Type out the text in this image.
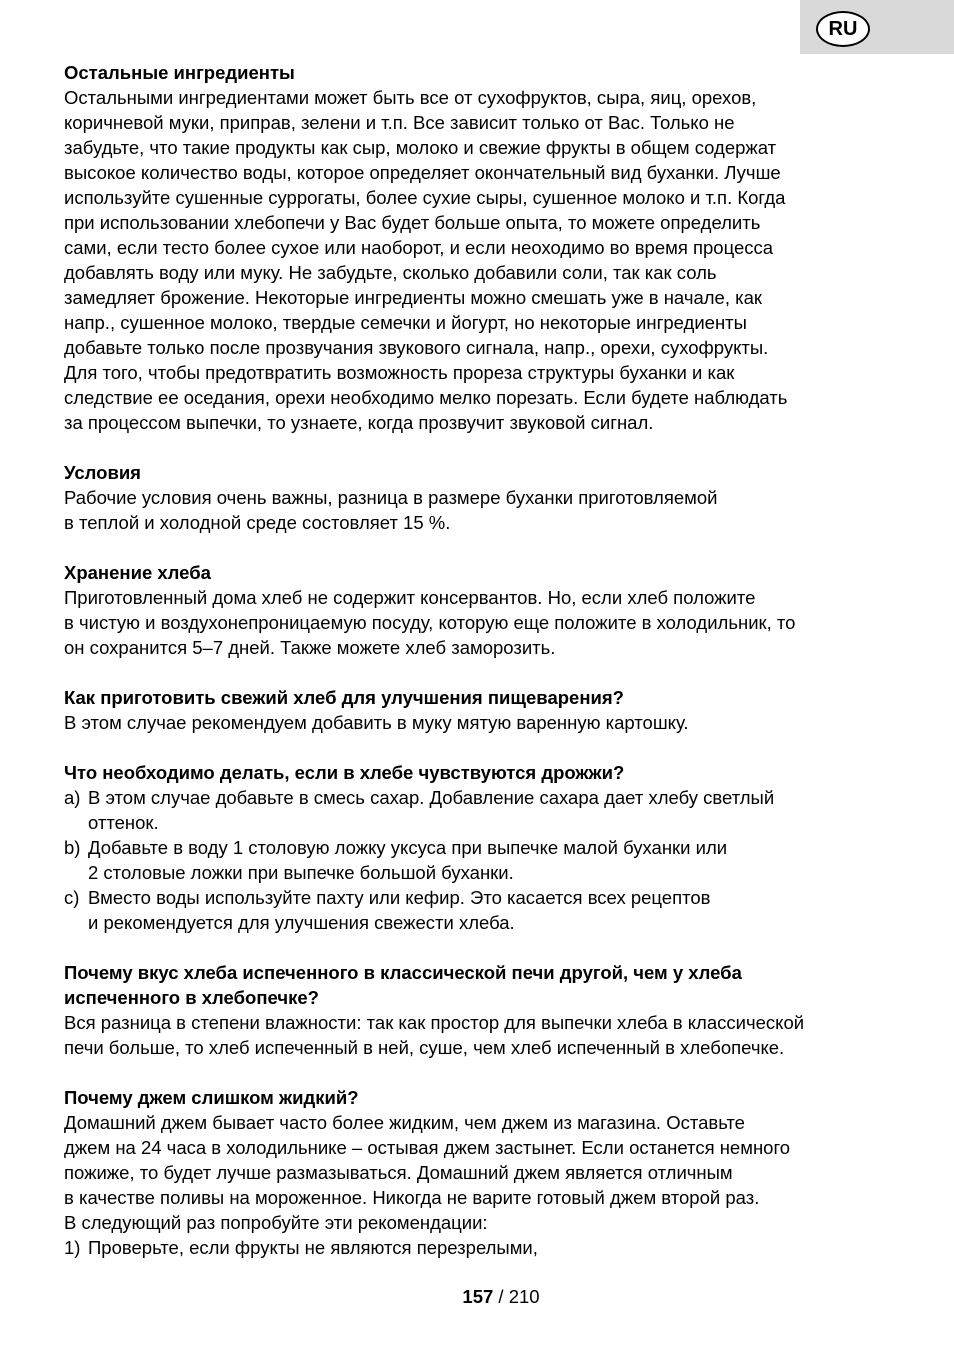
RU
Остальные ингредиенты
Остальными ингредиентами может быть все от сухофруктов, сыра, яиц, орехов,
коричневой муки, приправ, зелени и т.п. Все зависит только от Вас. Только не
забудьте, что такие продукты как сыр, молоко и свежие фрукты в общем содержат
высокое количество воды, которое определяет окончательный вид буханки. Лучше
используйте сушенные суррогаты, более сухие сыры, сушенное молоко и т.п. Когда
при использовании хлебопечи у Вас будет больше опыта, то можете определить
сами, если тесто более сухое или наоборот, и если неоходимо во время процесса
добавлять воду или муку. Не забудьте, сколько добавили соли, так как соль
замедляет брожение. Некоторые ингредиенты можно смешать уже в начале, как
напр., сушенное молоко, твердые семечки и йогурт, но некоторые ингредиенты
добавьте только после прозвучания звукового сигнала, напр., орехи, сухофрукты.
Для того, чтобы предотвратить возможность прореза структуры буханки и как
следствие ее оседания, орехи необходимо мелко порезать. Если будете наблюдать
за процессом выпечки, то узнаете, когда прозвучит звуковой сигнал.
Условия
Рабочие условия очень важны, разница в размере буханки приготовляемой
в теплой и холодной среде состовляет 15 %.
Хранение хлеба
Приготовленный дома хлеб не содержит консервантов. Но, если хлеб положите
в чистую и воздухонепроницаемую посуду, которую еще положите в холодильник, то
он сохранится 5–7 дней. Также можете хлеб заморозить.
Как приготовить свежий хлеб для улучшения пищеварения?
В этом случае рекомендуем добавить в муку мятую варенную картошку.
Что необходимо делать, если в хлебе чувствуются дрожжи?
a) В этом случае добавьте в смесь сахар. Добавление сахара дает хлебу светлый
оттенок.
b) Добавьте в воду 1 столовую ложку уксуса при выпечке малой буханки или
2 столовые ложки при выпечке большой буханки.
c) Вместо воды используйте пахту или кефир. Это касается всех рецептов
и рекомендуется для улучшения свежести хлеба.
Почему вкус хлеба испеченного в классической печи другой, чем у хлеба
испеченного в хлебопечке?
Вся разница в степени влажности: так как простор для выпечки хлеба в классической
печи больше, то хлеб испеченный в ней, суше, чем хлеб испеченный в хлебопечке.
Почему джем слишком жидкий?
Домашний джем бывает часто более жидким, чем джем из магазина. Оставьте
джем на 24 часа в холодильнике – остывая джем застынет. Если останется немного
пожиже, то будет лучше размазываться. Домашний джем является отличным
в качестве поливы на мороженное. Никогда не варите готовый джем второй раз.
В следующий раз попробуйте эти рекомендации:
1) Проверьте, если фрукты не являются перезрелыми,
157 / 210
